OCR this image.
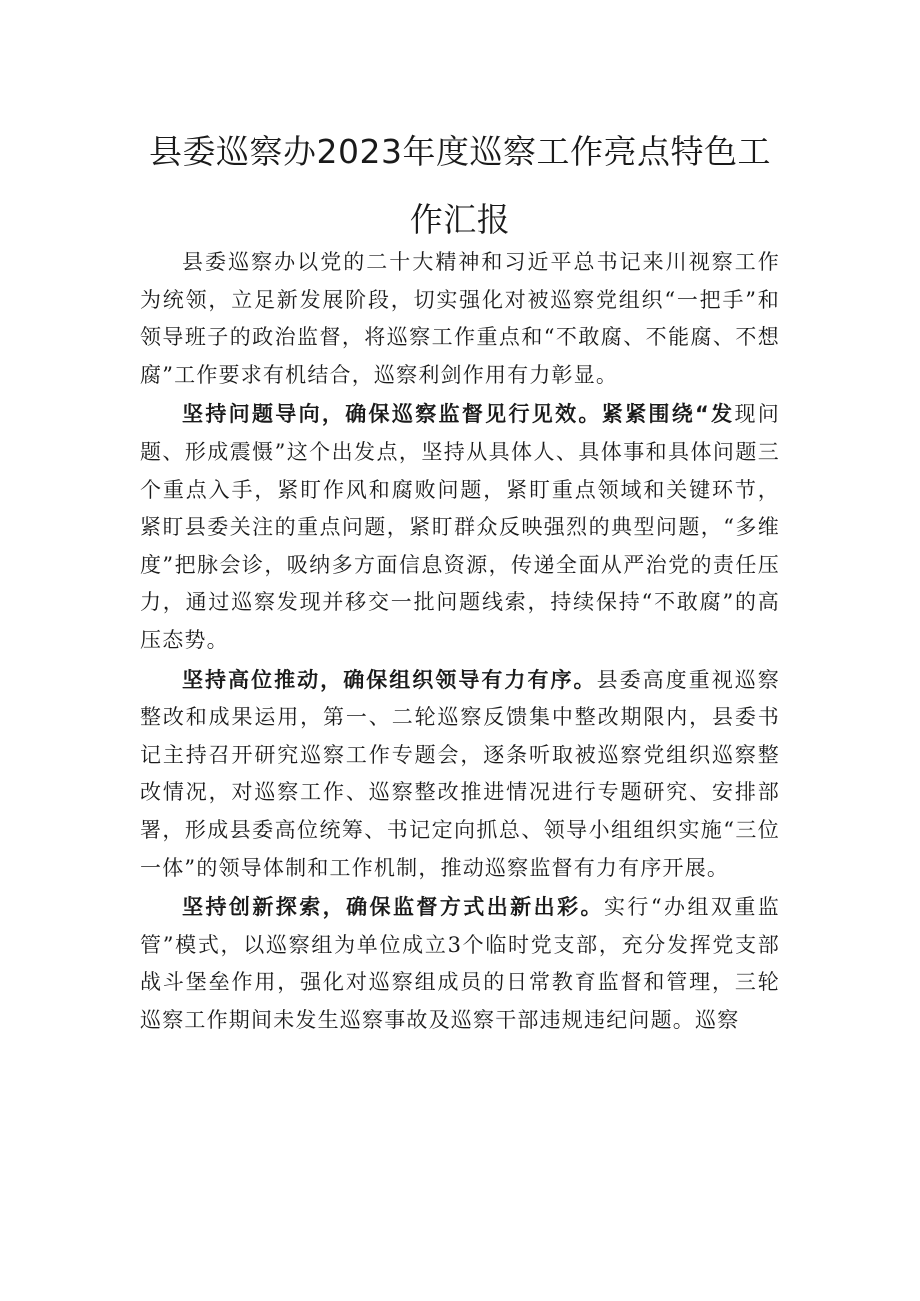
县委巡察办2023年度巡察工作亮点特色工作汇报

县委巡察办以党的二十大精神和习近平总书记来川视察工作为统领，立足新发展阶段，切实强化对被巡察党组织“一把手”和领导班子的政治监督，将巡察工作重点和“不敢腐、不能腐、不想腐”工作要求有机结合，巡察利剑作用有力彰显。

坚持问题导向，确保巡察监督见行见效。紧紧围绕“发现问题、形成震慑”这个出发点，坚持从具体人、具体事和具体问题三个重点入手，紧盯作风和腐败问题，紧盯重点领域和关键环节，紧盯县委关注的重点问题，紧盯群众反映强烈的典型问题，“多维度”把脉会诊，吸纳多方面信息资源，传递全面从严治党的责任压力，通过巡察发现并移交一批问题线索，持续保持“不敢腐”的高压态势。

坚持高位推动，确保组织领导有力有序。县委高度重视巡察整改和成果运用，第一、二轮巡察反馈集中整改期限内，县委书记主持召开研究巡察工作专题会，逐条听取被巡察党组织巡察整改情况，对巡察工作、巡察整改推进情况进行专题研究、安排部署，形成县委高位统筹、书记定向抓总、领导小组组织实施“三位一体”的领导体制和工作机制，推动巡察监督有力有序开展。

坚持创新探索，确保监督方式出新出彩。实行“办组双重监管”模式，以巡察组为单位成立3个临时党支部，充分发挥党支部战斗堡垒作用，强化对巡察组成员的日常教育监督和管理，三轮巡察工作期间未发生巡察事故及巡察干部违规违纪问题。巡察
